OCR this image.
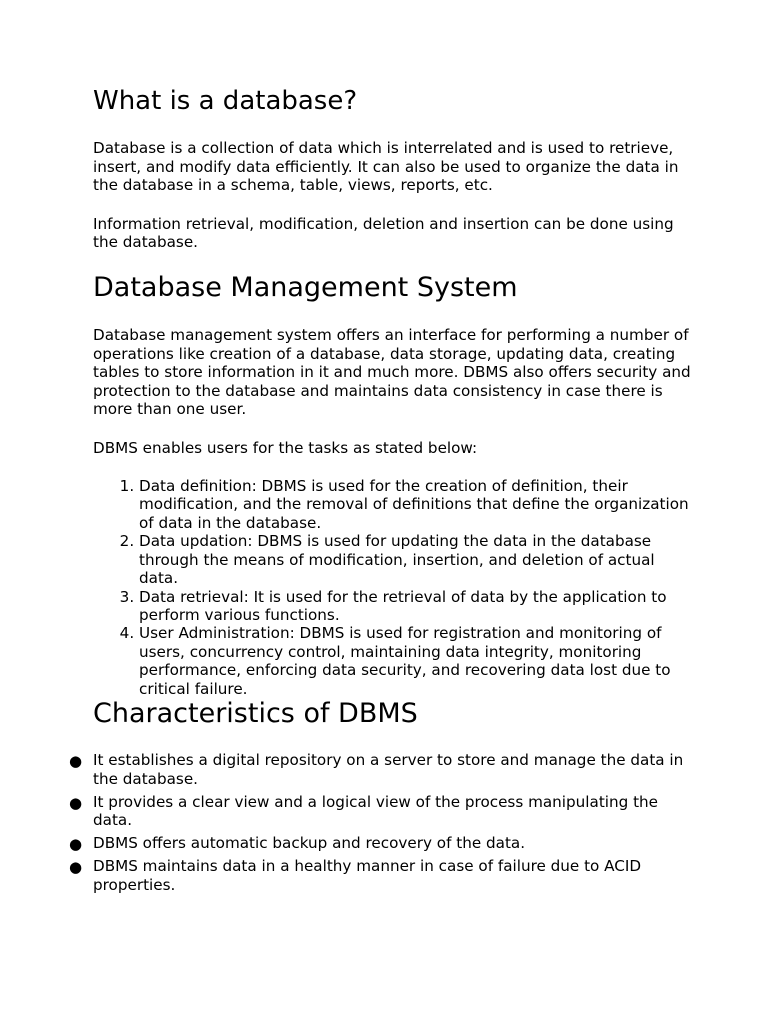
What is a database?

Database is a collection of data which is interrelated and is used to retrieve, insert, and modify data efficiently. It can also be used to organize the data in the database in a schema, table, views, reports, etc.

Information retrieval, modification, deletion and insertion can be done using the database.

Database Management System

Database management system offers an interface for performing a number of operations like creation of a database, data storage, updating data, creating tables to store information in it and much more. DBMS also offers security and protection to the database and maintains data consistency in case there is more than one user.

DBMS enables users for the tasks as stated below:

1. Data definition: DBMS is used for the creation of definition, their modification, and the removal of definitions that define the organization of data in the database.
2. Data updation: DBMS is used for updating the data in the database through the means of modification, insertion, and deletion of actual data.
3. Data retrieval: It is used for the retrieval of data by the application to perform various functions.
4. User Administration: DBMS is used for registration and monitoring of users, concurrency control, maintaining data integrity, monitoring performance, enforcing data security, and recovering data lost due to critical failure.
Characteristics of DBMS
● It establishes a digital repository on a server to store and manage the data in the database.
● It provides a clear view and a logical view of the process manipulating the data.
● DBMS offers automatic backup and recovery of the data.
● DBMS maintains data in a healthy manner in case of failure due to ACID properties.
